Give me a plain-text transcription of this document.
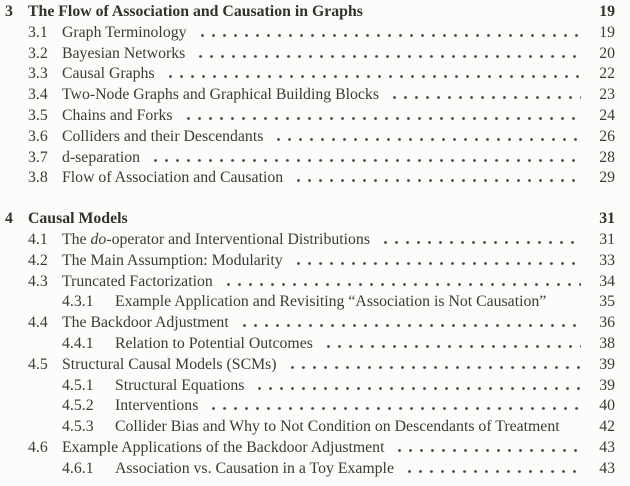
3 The Flow of Association and Causation in Graphs	19
3.1 Graph Terminology	19
3.2 Bayesian Networks	20
3.3 Causal Graphs	22
3.4 Two-Node Graphs and Graphical Building Blocks	23
3.5 Chains and Forks	24
3.6 Colliders and their Descendants	26
3.7 d-separation	28
3.8 Flow of Association and Causation	29
4 Causal Models	31
4.1 The do-operator and Interventional Distributions	31
4.2 The Main Assumption: Modularity	33
4.3 Truncated Factorization	34
4.3.1	Example Application and Revisiting “Association is Not Causation”	35
4.4 The Backdoor Adjustment	36
4.4.1	Relation to Potential Outcomes	38
4.5 Structural Causal Models (SCMs)	39
4.5.1	Structural Equations	39
4.5.2	Interventions	40
4.5.3	Collider Bias and Why to Not Condition on Descendants of Treatment	42
4.6 Example Applications of the Backdoor Adjustment	43
4.6.1	Association vs. Causation in a Toy Example	43
